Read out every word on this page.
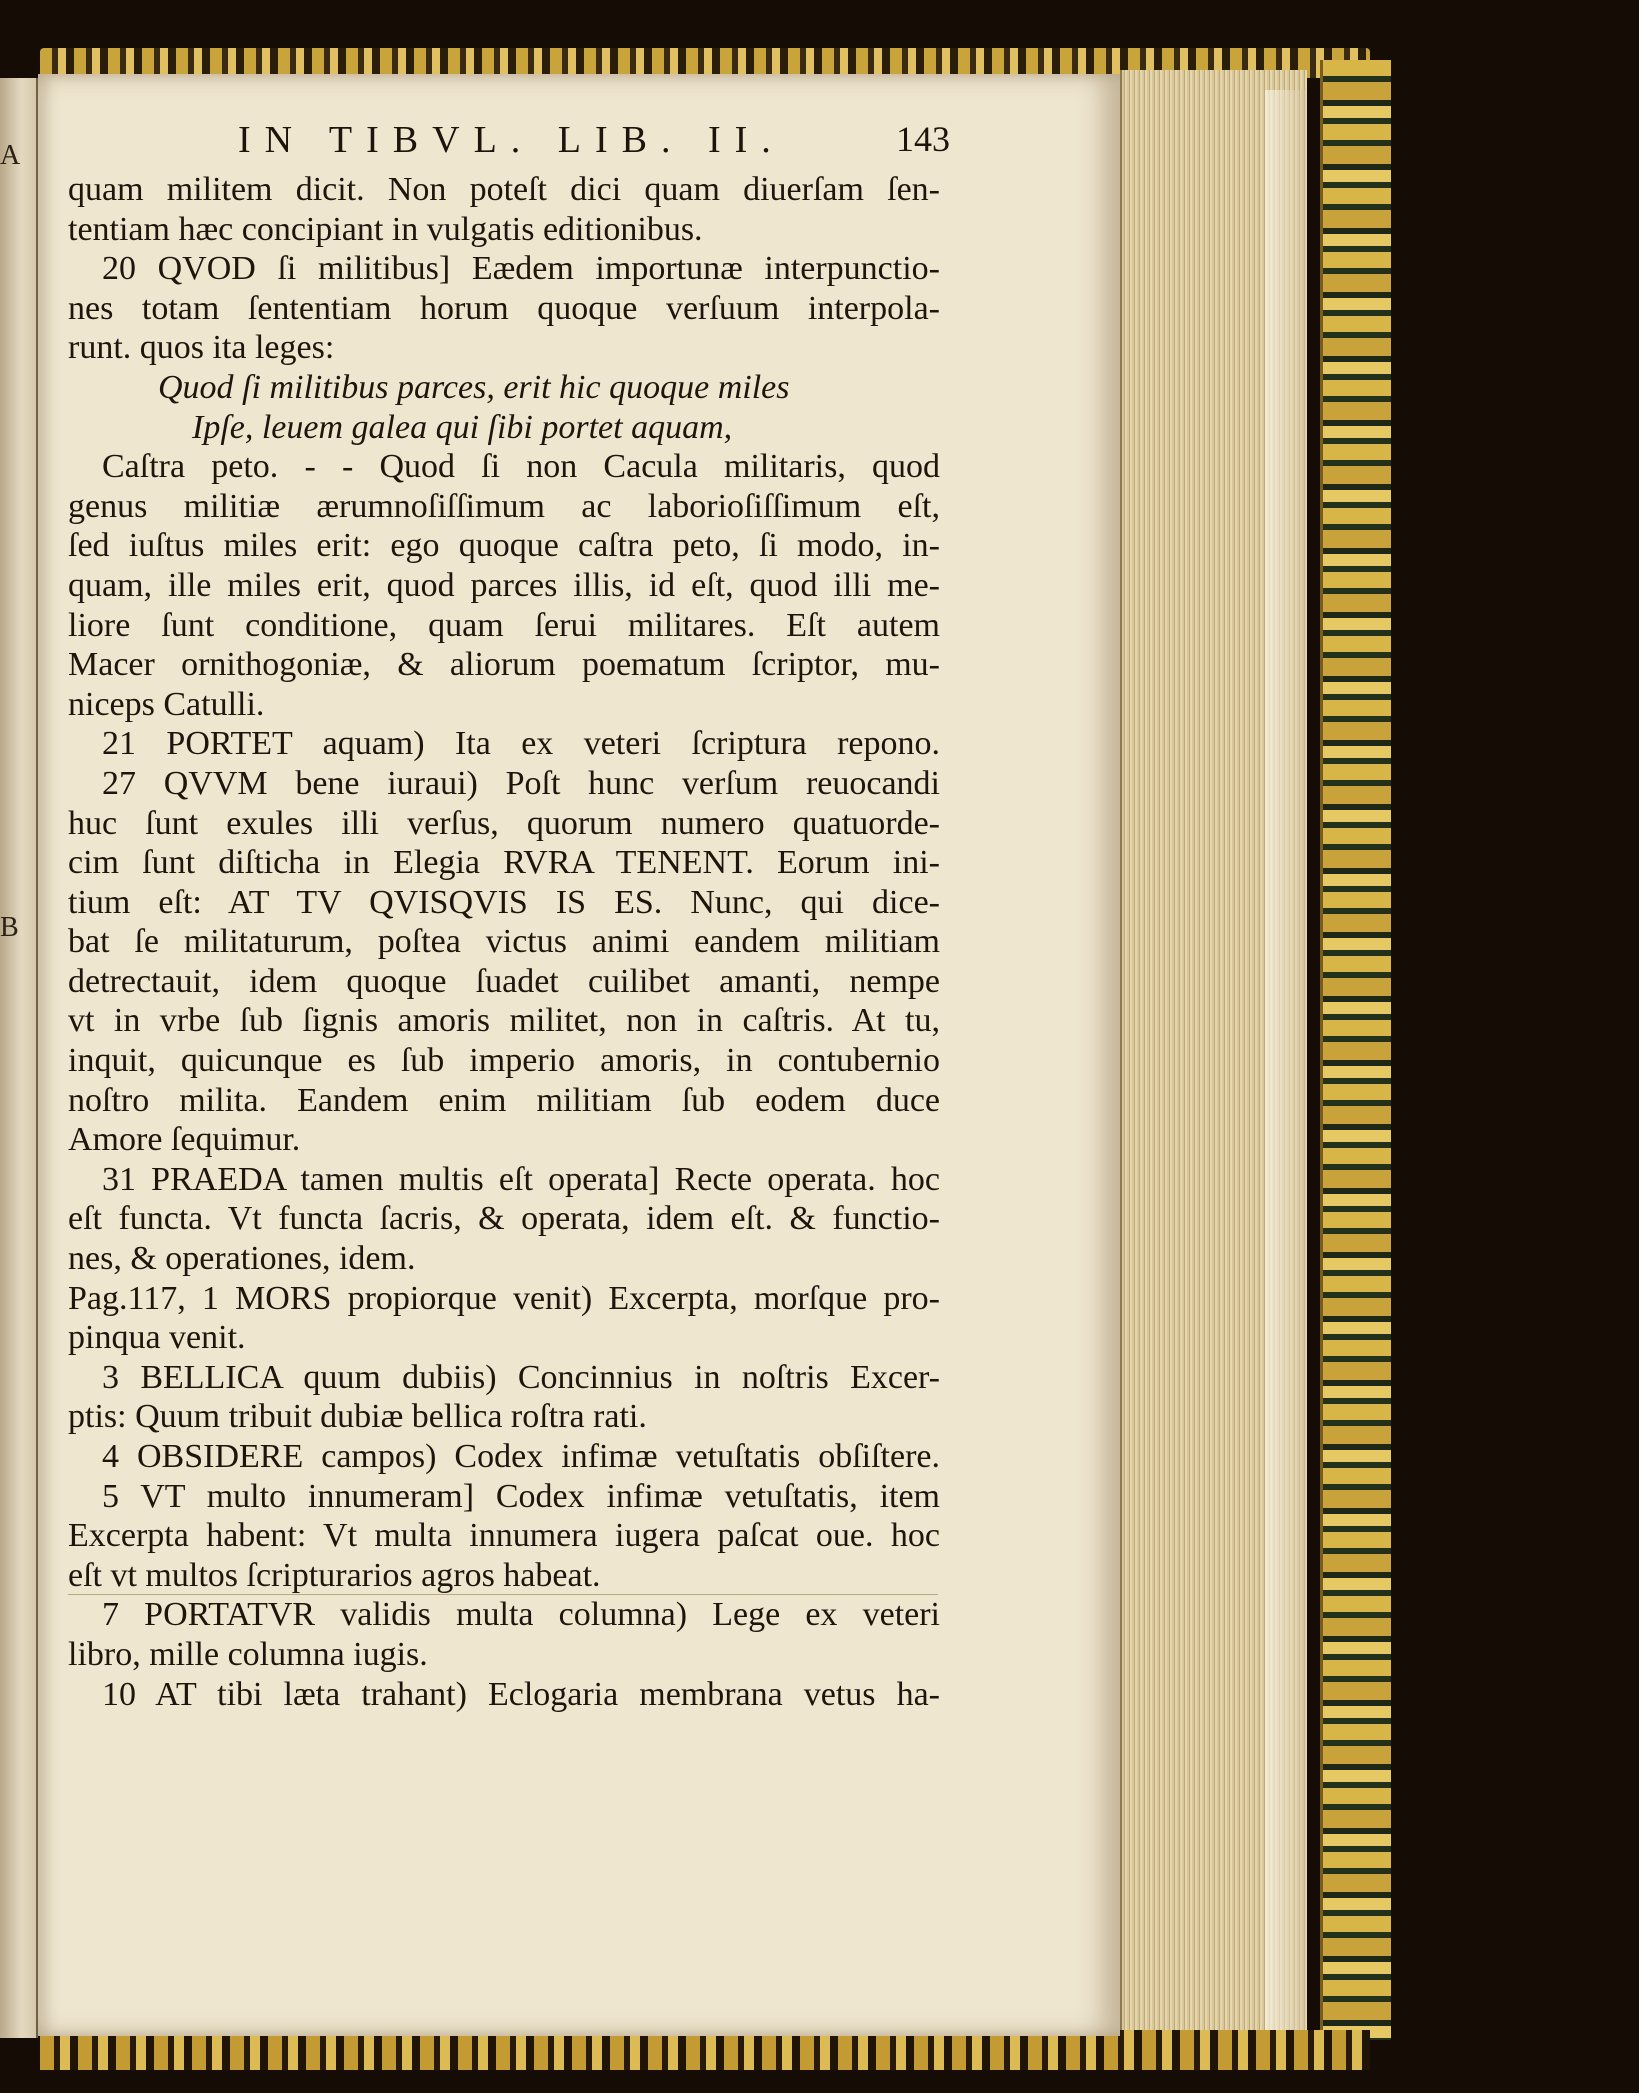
A
B
IN TIBVL. LIB. II.	143
quam militem dicit. Non poteſt dici quam diuerſam ſen-
tentiam hæc concipiant in vulgatis editionibus.
20 QVOD ſi militibus] Eædem importunæ interpunctio-
nes totam ſententiam horum quoque verſuum interpola-
runt. quos ita leges:
Quod ſi militibus parces, erit hic quoque miles
Ipſe, leuem galea qui ſibi portet aquam,
Caſtra peto. - - Quod ſi non Cacula militaris, quod
genus militiæ ærumnoſiſſimum ac laborioſiſſimum eſt,
ſed iuſtus miles erit: ego quoque caſtra peto, ſi modo, in-
quam, ille miles erit, quod parces illis, id eſt, quod illi me-
liore ſunt conditione, quam ſerui militares. Eſt autem
Macer ornithogoniæ, & aliorum poematum ſcriptor, mu-
niceps Catulli.
21 PORTET aquam) Ita ex veteri ſcriptura repono.
27 QVVM bene iuraui) Poſt hunc verſum reuocandi
huc ſunt exules illi verſus, quorum numero quatuorde-
cim ſunt diſticha in Elegia RVRA TENENT. Eorum ini-
tium eſt: AT TV QVISQVIS IS ES. Nunc, qui dice-
bat ſe militaturum, poſtea victus animi eandem militiam
detrectauit, idem quoque ſuadet cuilibet amanti, nempe
vt in vrbe ſub ſignis amoris militet, non in caſtris. At tu,
inquit, quicunque es ſub imperio amoris, in contubernio
noſtro milita. Eandem enim militiam ſub eodem duce
Amore ſequimur.
31 PRAEDA tamen multis eſt operata] Recte operata. hoc
eſt functa. Vt functa ſacris, & operata, idem eſt. & functio-
nes, & operationes, idem.
Pag.117, 1 MORS propiorque venit) Excerpta, morſque pro-
pinqua venit.
3 BELLICA quum dubiis) Concinnius in noſtris Excer-
ptis: Quum tribuit dubiæ bellica roſtra rati.
4 OBSIDERE campos) Codex infimæ vetuſtatis obſiſtere.
5 VT multo innumeram] Codex infimæ vetuſtatis, item
Excerpta habent: Vt multa innumera iugera paſcat oue. hoc
eſt vt multos ſcripturarios agros habeat.
7 PORTATVR validis multa columna) Lege ex veteri
libro, mille columna iugis.
10 AT tibi læta trahant) Eclogaria membrana vetus ha-
